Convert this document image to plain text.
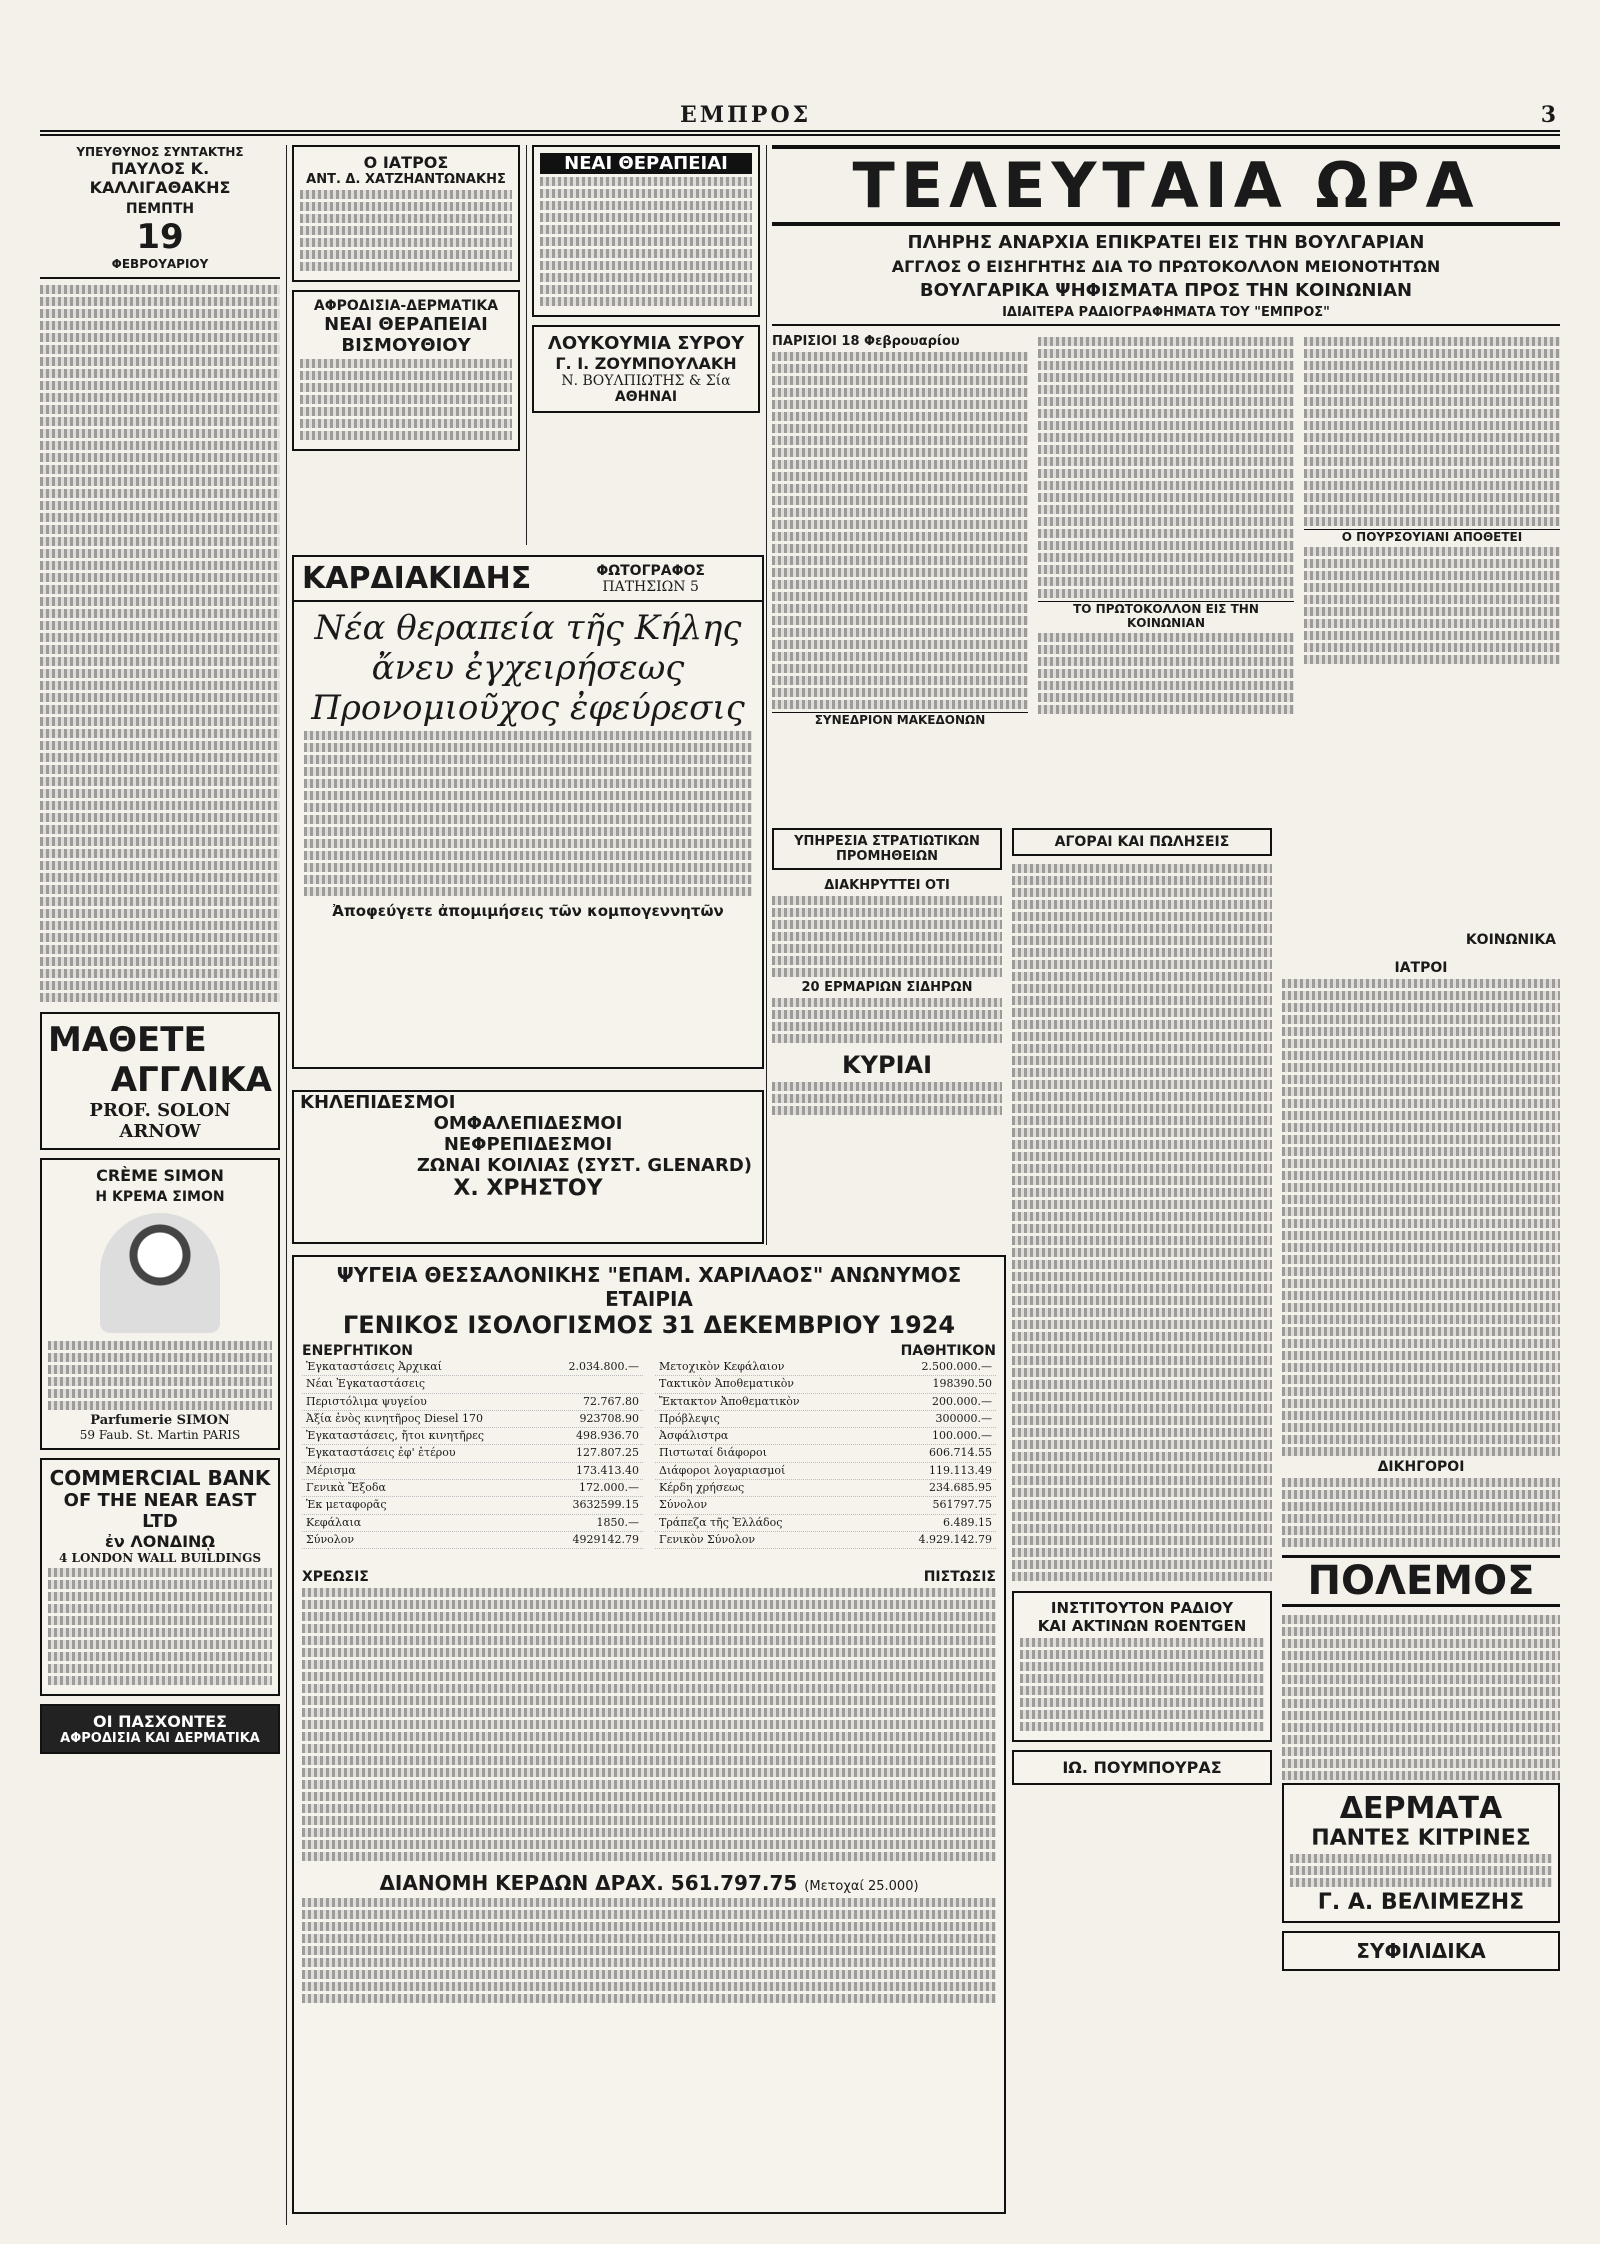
ΕΜΠΡΟΣ	3
ΥΠΕΥΘΥΝΟΣ ΣΥΝΤΑΚΤΗΣ
ΠΑΥΛΟΣ Κ. ΚΑΛΛΙΓΑΘΑΚΗΣ
ΠΕΜΠΤΗ
19
ΦΕΒΡΟΥΑΡΙΟΥ
ΜΑΘΕΤΕ
ΑΓΓΛΙΚΑ
PROF. SOLON ARNOW
CRÈME SIMON
Η ΚΡΕΜΑ ΣΙΜΟΝ
Parfumerie SIMON
59 Faub. St. Martin PARIS
COMMERCIAL BANK
OF THE NEAR EAST LTD
ἐν ΛΟΝΔΙΝῼ
4 LONDON WALL BUILDINGS
ΟΙ ΠΑΣΧΟΝΤΕΣ
ΑΦΡΟΔΙΣΙΑ ΚΑΙ ΔΕΡΜΑΤΙΚΑ
Ο ΙΑΤΡΟΣ
ΑΝΤ. Δ. ΧΑΤΖΗΑΝΤΩΝΑΚΗΣ
ΑΦΡΟΔΙΣΙΑ-ΔΕΡΜΑΤΙΚΑ
ΝΕΑΙ ΘΕΡΑΠΕΙΑΙ
ΒΙΣΜΟΥΘΙΟΥ
ΝΕΑΙ ΘΕΡΑΠΕΙΑΙ
ΛΟΥΚΟΥΜΙΑ ΣΥΡΟΥ
Γ. Ι. ΖΟΥΜΠΟΥΛΑΚΗ
Ν. ΒΟΥΛΠΙΩΤΗΣ & Σία
ΑΘΗΝΑΙ
ΚΑΡΔΙΑΚΙΔΗΣ	ΦΩΤΟΓΡΑΦΟΣ
ΠΑΤΗΣΙΩΝ 5
Νέα θεραπεία τῆς Κήλης
ἄνευ ἐγχειρήσεως
Προνομιοῦχος ἐφεύρεσις
Ἀποφεύγετε ἀπομιμήσεις τῶν κομπογεννητῶν
ΚΗΛΕΠΙΔΕΣΜΟΙ
ΟΜΦΑΛΕΠΙΔΕΣΜΟΙ
ΝΕΦΡΕΠΙΔΕΣΜΟΙ
ΖΩΝΑΙ ΚΟΙΛΙΑΣ (ΣΥΣΤ. GLENARD)
Χ. ΧΡΗΣΤΟΥ
ΤΕΛΕΥΤΑΙΑ ΩΡΑ
ΠΛΗΡΗΣ ΑΝΑΡΧΙΑ ΕΠΙΚΡΑΤΕΙ ΕΙΣ ΤΗΝ ΒΟΥΛΓΑΡΙΑΝ
ΑΓΓΛΟΣ Ο ΕΙΣΗΓΗΤΗΣ ΔΙΑ ΤΟ ΠΡΩΤΟΚΟΛΛΟΝ ΜΕΙΟΝΟΤΗΤΩΝ
ΒΟΥΛΓΑΡΙΚΑ ΨΗΦΙΣΜΑΤΑ ΠΡΟΣ ΤΗΝ ΚΟΙΝΩΝΙΑΝ
ΙΔΙΑΙΤΕΡΑ ΡΑΔΙΟΓΡΑΦΗΜΑΤΑ ΤΟΥ "ΕΜΠΡΟΣ"
ΠΑΡΙΣΙΟΙ 18 Φεβρουαρίου
ΣΥΝΕΔΡΙΟΝ ΜΑΚΕΔΟΝΩΝ
ΤΟ ΠΡΩΤΟΚΟΛΛΟΝ ΕΙΣ ΤΗΝ ΚΟΙΝΩΝΙΑΝ
Ο ΠΟΥΡΣΟΥΙΑΝΙ ΑΠΟΘΕΤΕΙ
ΥΠΗΡΕΣΙΑ ΣΤΡΑΤΙΩΤΙΚΩΝ ΠΡΟΜΗΘΕΙΩΝ
ΔΙΑΚΗΡΥΤΤΕΙ ΟΤΙ
20 ΕΡΜΑΡΙΩΝ ΣΙΔΗΡΩΝ
ΚΥΡΙΑΙ
ΑΓΟΡΑΙ ΚΑΙ ΠΩΛΗΣΕΙΣ
ΙΝΣΤΙΤΟΥΤΟΝ ΡΑΔΙΟΥ
ΚΑΙ ΑΚΤΙΝΩΝ ROENTGEN
ΙΩ. ΠΟΥΜΠΟΥΡΑΣ
ΚΟΙΝΩΝΙΚΑ
ΙΑΤΡΟΙ
ΔΙΚΗΓΟΡΟΙ
ΠΟΛΕΜΟΣ
ΔΕΡΜΑΤΑ
ΠΑΝΤΕΣ ΚΙΤΡΙΝΕΣ
Γ. Α. ΒΕΛΙΜΕΖΗΣ
ΣΥΦΙΛΙΔΙΚΑ
ΨΥΓΕΙΑ ΘΕΣΣΑΛΟΝΙΚΗΣ "ΕΠΑΜ. ΧΑΡΙΛΑΟΣ" ΑΝΩΝΥΜΟΣ ΕΤΑΙΡΙΑ
ΓΕΝΙΚΟΣ ΙΣΟΛΟΓΙΣΜΟΣ 31 ΔΕΚΕΜΒΡΙΟΥ 1924
ΕΝΕΡΓΗΤΙΚΟΝ	ΠΑΘΗΤΙΚΟΝ
Ἐγκαταστάσεις Ἀρχικαί	2.034.800.—
Νέαι Ἐγκαταστάσεις
Περιστόλιμα ψυγείου	72.767.80
Ἀξία ἐνὸς κινητῆρος Diesel 170	923708.90
Ἐγκαταστάσεις, ἤτοι κινητῆρες	498.936.70
Ἐγκαταστάσεις ἐφ' ἑτέρου	127.807.25
Μέρισμα	173.413.40
Γενικὰ Ἔξοδα	172.000.—
Ἐκ μεταφορᾶς	3632599.15
Κεφάλαια	1850.—
Σύνολον	4929142.79
Μετοχικὸν Κεφάλαιον	2.500.000.—
Τακτικὸν Ἀποθεματικὸν	198390.50
Ἔκτακτον Ἀποθεματικὸν	200.000.—
Πρόβλεψις	300000.—
Ἀσφάλιστρα	100.000.—
Πιστωταί διάφοροι	606.714.55
Διάφοροι λογαριασμοί	119.113.49
Κέρδη χρήσεως	234.685.95
Σύνολον	561797.75
Τράπεζα τῆς Ἑλλάδος	6.489.15
Γενικὸν Σύνολον	4.929.142.79
ΧΡΕΩΣΙΣ	ΠΙΣΤΩΣΙΣ
ΔΙΑΝΟΜΗ ΚΕΡΔΩΝ ΔΡΑΧ. 561.797.75 (Μετοχαί 25.000)
